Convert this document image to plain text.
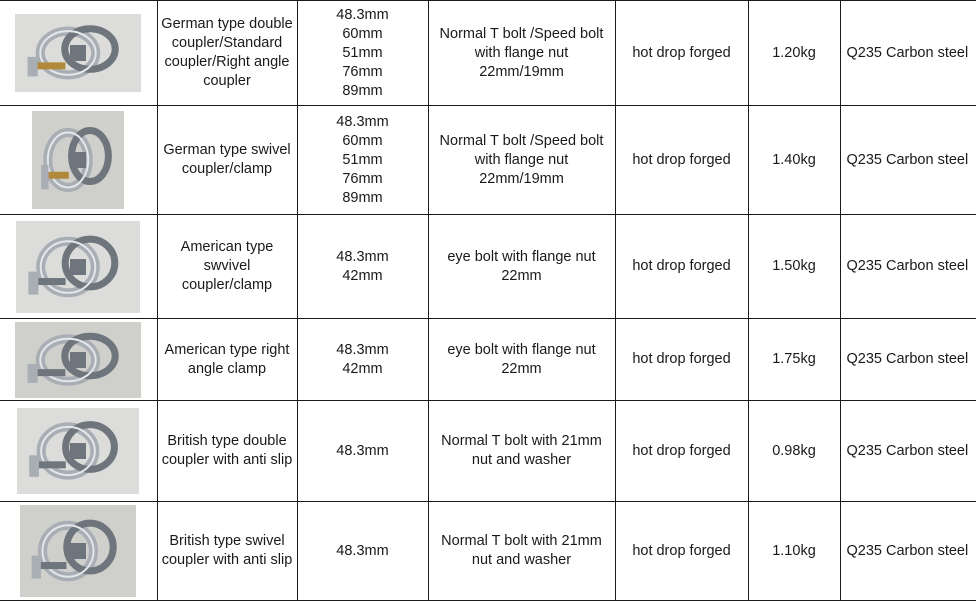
German type double
coupler/Standard
coupler/Right angle
coupler	48.3mm
60mm
51mm
76mm
89mm	Normal T bolt /Speed bolt
with flange nut
22mm/19mm	hot drop forged	1.20kg	Q235 Carbon steel

German type swivel
coupler/clamp	48.3mm
60mm
51mm
76mm
89mm	Normal T bolt /Speed bolt
with flange nut
22mm/19mm	hot drop forged	1.40kg	Q235 Carbon steel

American type
swvivel
coupler/clamp	48.3mm
42mm	eye bolt with flange nut
22mm	hot drop forged	1.50kg	Q235 Carbon steel

American type right
angle clamp	48.3mm
42mm	eye bolt with flange nut
22mm	hot drop forged	1.75kg	Q235 Carbon steel

British type double
coupler with anti slip	48.3mm	Normal T bolt with 21mm
nut and washer	hot drop forged	0.98kg	Q235 Carbon steel

British type swivel
coupler with anti slip	48.3mm	Normal T bolt with 21mm
nut and washer	hot drop forged	1.10kg	Q235 Carbon steel
